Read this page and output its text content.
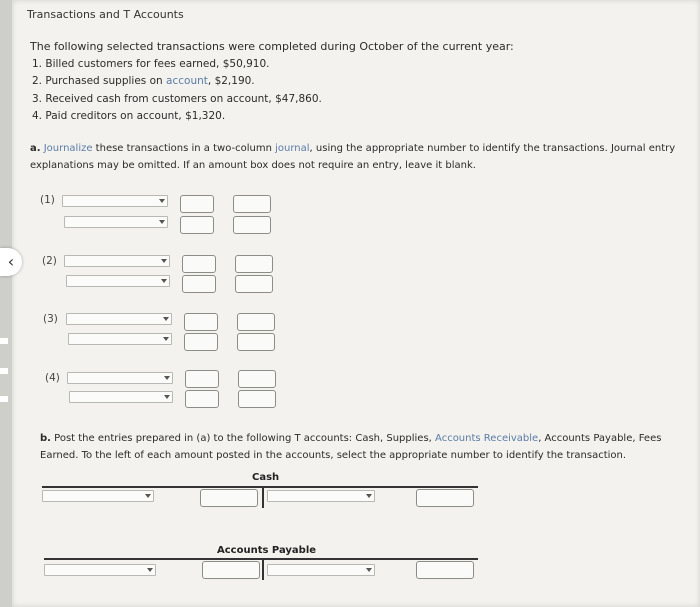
Transactions and T Accounts
The following selected transactions were completed during October of the current year:
1. Billed customers for fees earned, $50,910.
2. Purchased supplies on account, $2,190.
3. Received cash from customers on account, $47,860.
4. Paid creditors on account, $1,320.
a. Journalize these transactions in a two-column journal, using the appropriate number to identify the transactions. Journal entry
explanations may be omitted. If an amount box does not require an entry, leave it blank.
(1)
(2)
(3)
(4)
b. Post the entries prepared in (a) to the following T accounts: Cash, Supplies, Accounts Receivable, Accounts Payable, Fees
Earned. To the left of each amount posted in the accounts, select the appropriate number to identify the transaction.
Cash
Accounts Payable
‹
